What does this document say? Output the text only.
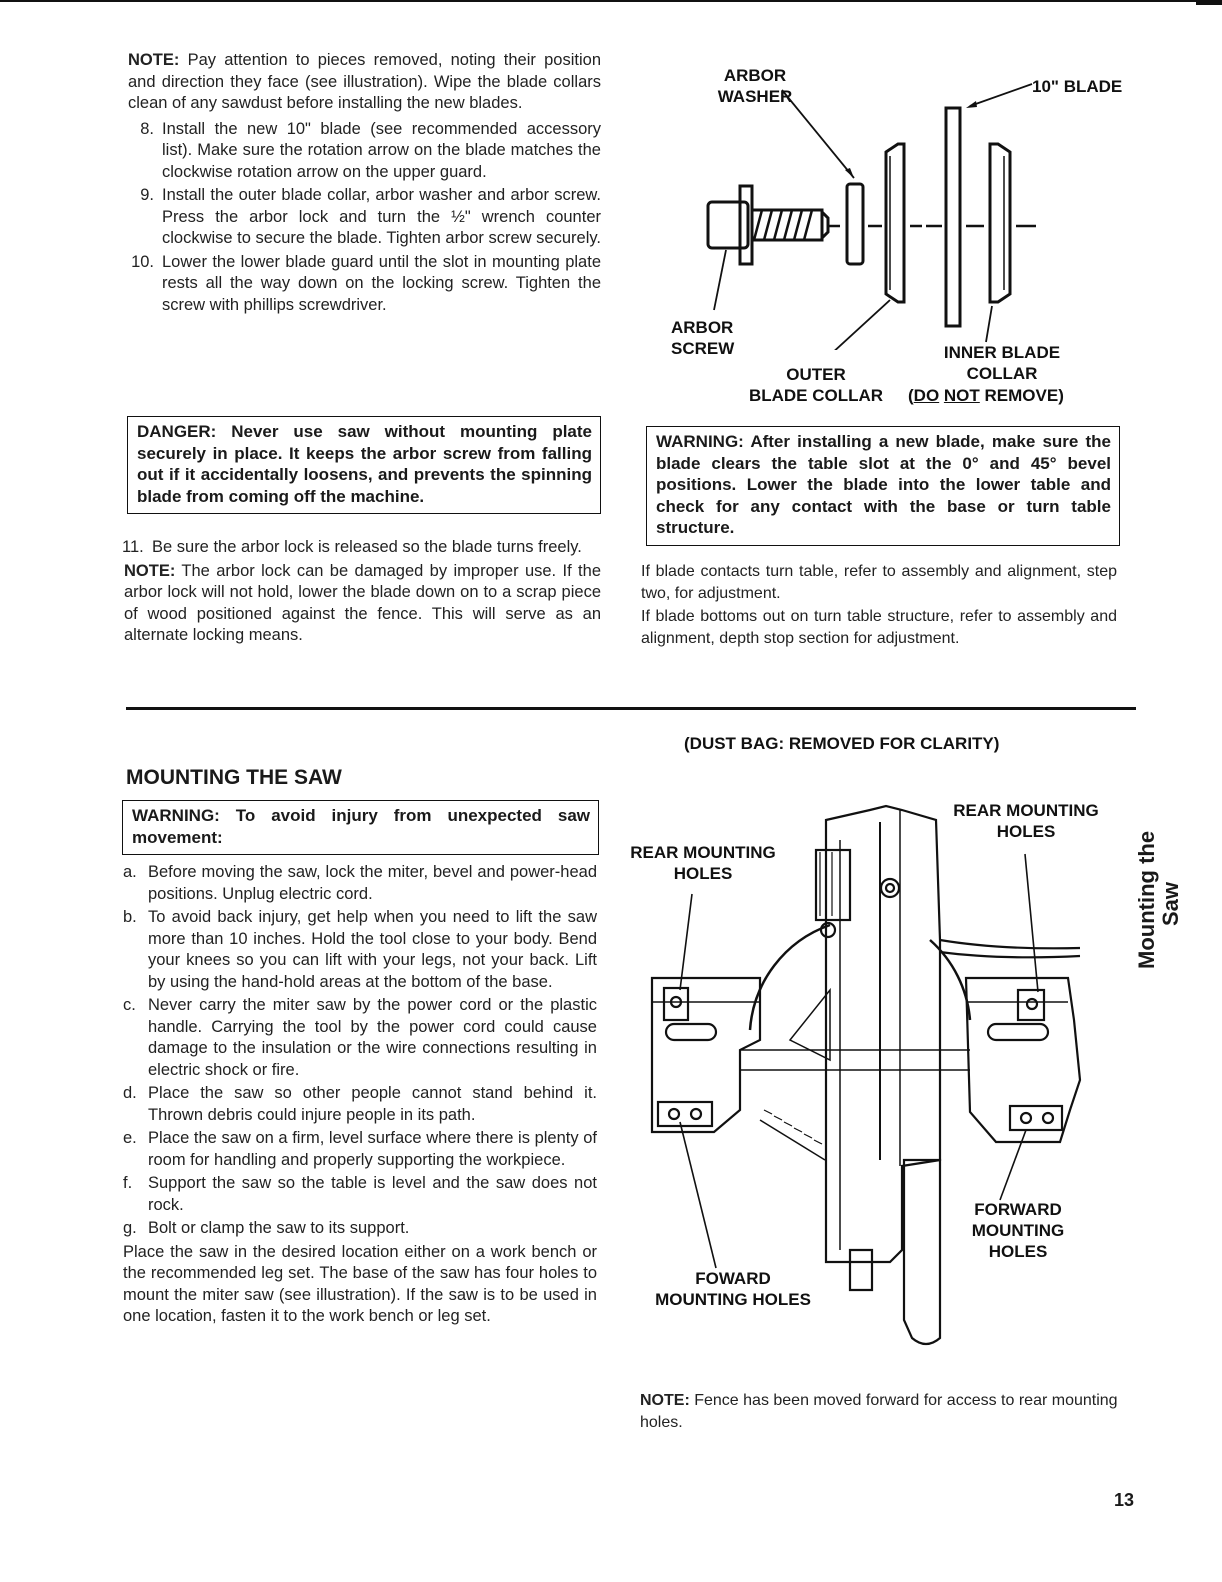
NOTE: Pay attention to pieces removed, noting their position and direction they face (see illustration). Wipe the blade collars clean of any sawdust before installing the new blades.

8. Install the new 10" blade (see recommended accessory list). Make sure the rotation arrow on the blade matches the clockwise rotation arrow on the upper guard.
9. Install the outer blade collar, arbor washer and arbor screw. Press the arbor lock and turn the ½" wrench counter clockwise to secure the blade. Tighten arbor screw securely.
10. Lower the lower blade guard until the slot in mounting plate rests all the way down on the locking screw. Tighten the screw with phillips screwdriver.
DANGER: Never use saw without mounting plate securely in place. It keeps the arbor screw from falling out if it accidentally loosens, and prevents the spinning blade from coming off the machine.
11. Be sure the arbor lock is released so the blade turns freely.

NOTE: The arbor lock can be damaged by improper use. If the arbor lock will not hold, lower the blade down on to a scrap piece of wood positioned against the fence. This will serve as an alternate locking means.

ARBOR
WASHER
10" BLADE
ARBOR
SCREW	INNER BLADE
COLLAR
OUTER
BLADE COLLAR	(DO NOT REMOVE)
WARNING: After installing a new blade, make sure the blade clears the table slot at the 0° and 45° bevel positions. Lower the blade into the lower table and check for any contact with the base or turn table structure.

If blade contacts turn table, refer to assembly and alignment, step two, for adjustment.

If blade bottoms out on turn table structure, refer to assembly and alignment, depth stop section for adjustment.

MOUNTING THE SAW
WARNING: To avoid injury from unexpected saw movement:
a. Before moving the saw, lock the miter, bevel and power-head positions. Unplug electric cord.
b. To avoid back injury, get help when you need to lift the saw more than 10 inches. Hold the tool close to your body. Bend your knees so you can lift with your legs, not your back. Lift by using the hand-hold areas at the bottom of the base.
c. Never carry the miter saw by the power cord or the plastic handle. Carrying the tool by the power cord could cause damage to the insulation or the wire connections resulting in electric shock or fire.
d. Place the saw so other people cannot stand behind it. Thrown debris could injure people in its path.
e. Place the saw on a firm, level surface where there is plenty of room for handling and properly supporting the workpiece.
f. Support the saw so the table is level and the saw does not rock.
g. Bolt or clamp the saw to its support.

Place the saw in the desired location either on a work bench or the recommended leg set. The base of the saw has four holes to mount the miter saw (see illustration). If the saw is to be used in one location, fasten it to the work bench or leg set.

(DUST BAG: REMOVED FOR CLARITY)
REAR MOUNTING
HOLES
REAR MOUNTING
HOLES
FORWARD
MOUNTING
HOLES
FOWARD
MOUNTING HOLES

NOTE: Fence has been moved forward for access to rear mounting holes.

Mounting the Saw
13
